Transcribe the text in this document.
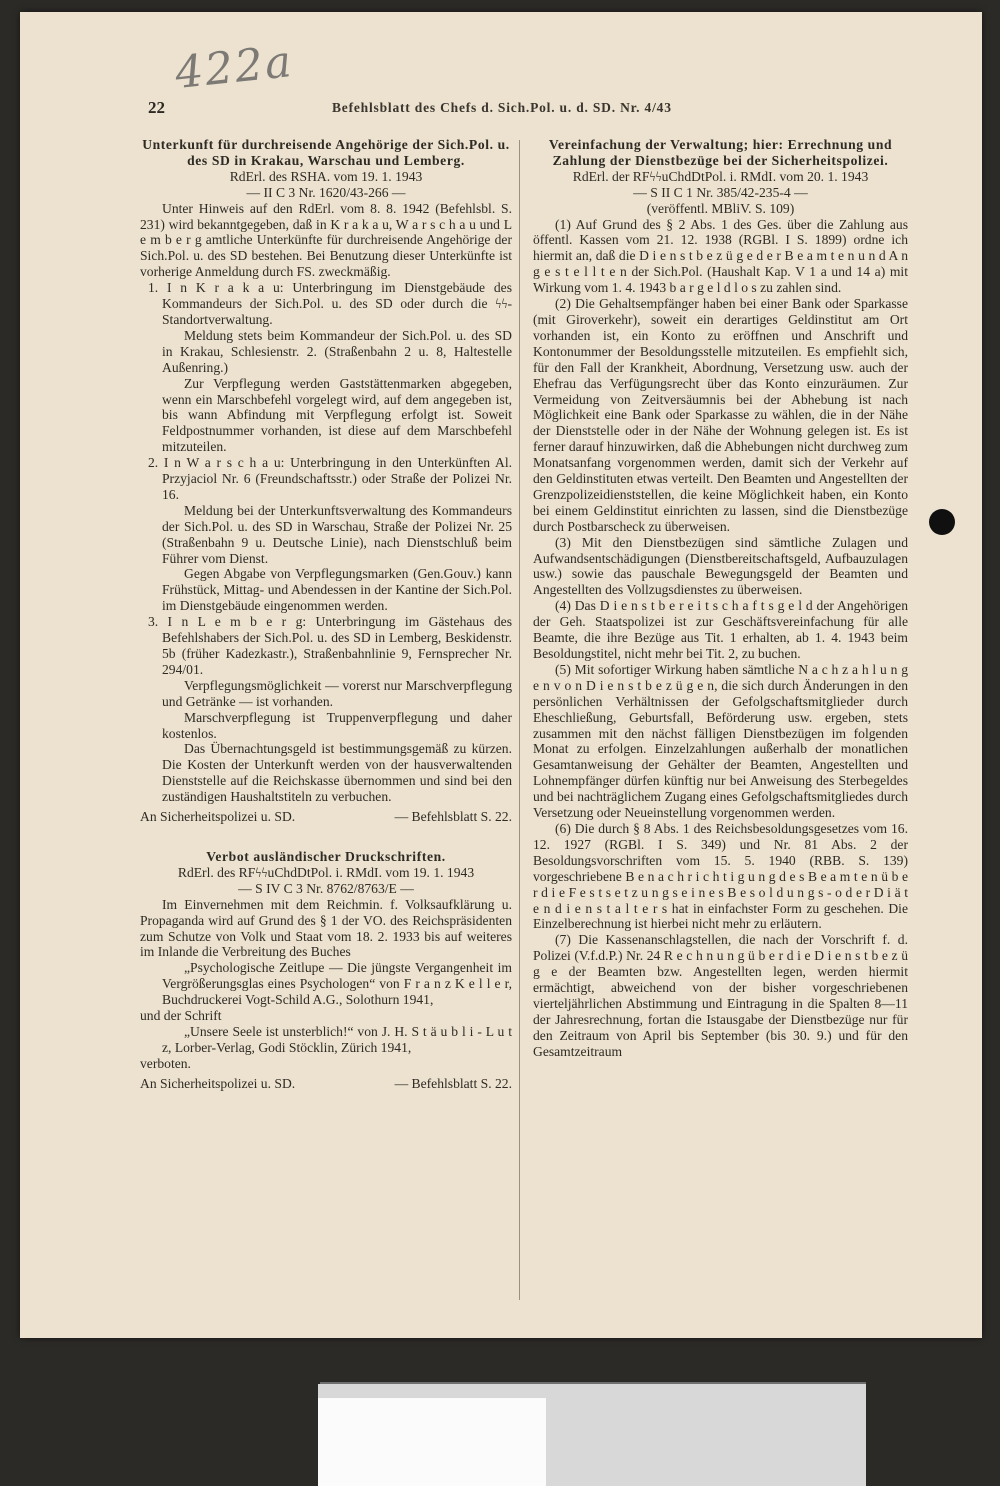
422a
22	Befehlsblatt des Chefs d. Sich.Pol. u. d. SD. Nr. 4/43
Unterkunft für durchreisende Angehörige der Sich.Pol. u. des SD in Krakau, Warschau und Lemberg.
RdErl. des RSHA. vom 19. 1. 1943
— II C 3 Nr. 1620/43-266 —

Unter Hinweis auf den RdErl. vom 8. 8. 1942 (Befehlsbl. S. 231) wird bekanntgegeben, daß in K r a k a u, W a r s c h a u und L e m b e r g amtliche Unterkünfte für durchreisende Angehörige der Sich.Pol. u. des SD bestehen. Bei Benutzung dieser Unterkünfte ist vorherige Anmeldung durch FS. zweckmäßig.

1. I n K r a k a u: Unterbringung im Dienstgebäude des Kommandeurs der Sich.Pol. u. des SD oder durch die ϟϟ-Standortverwaltung.

Meldung stets beim Kommandeur der Sich.Pol. u. des SD in Krakau, Schlesienstr. 2. (Straßenbahn 2 u. 8, Haltestelle Außenring.)

Zur Verpflegung werden Gaststättenmarken abgegeben, wenn ein Marschbefehl vorgelegt wird, auf dem angegeben ist, bis wann Abfindung mit Verpflegung erfolgt ist. Soweit Feldpostnummer vorhanden, ist diese auf dem Marschbefehl mitzuteilen.

2. I n W a r s c h a u: Unterbringung in den Unterkünften Al. Przyjaciol Nr. 6 (Freundschaftsstr.) oder Straße der Polizei Nr. 16.

Meldung bei der Unterkunftsverwaltung des Kommandeurs der Sich.Pol. u. des SD in Warschau, Straße der Polizei Nr. 25 (Straßenbahn 9 u. Deutsche Linie), nach Dienstschluß beim Führer vom Dienst.

Gegen Abgabe von Verpflegungsmarken (Gen.Gouv.) kann Frühstück, Mittag- und Abendessen in der Kantine der Sich.Pol. im Dienstgebäude eingenommen werden.

3. I n L e m b e r g: Unterbringung im Gästehaus des Befehlshabers der Sich.Pol. u. des SD in Lemberg, Beskidenstr. 5b (früher Kadezkastr.), Straßenbahnlinie 9, Fernsprecher Nr. 294/01.

Verpflegungsmöglichkeit — vorerst nur Marschverpflegung und Getränke — ist vorhanden.

Marschverpflegung ist Truppenverpflegung und daher kostenlos.

Das Übernachtungsgeld ist bestimmungsgemäß zu kürzen. Die Kosten der Unterkunft werden von der hausverwaltenden Dienststelle auf die Reichskasse übernommen und sind bei den zuständigen Haushaltstiteln zu verbuchen.

An Sicherheitspolizei u. SD.	— Befehlsblatt S. 22.
Verbot ausländischer Druckschriften.
RdErl. des RFϟϟuChdDtPol. i. RMdI. vom 19. 1. 1943
— S IV C 3 Nr. 8762/8763/E —

Im Einvernehmen mit dem Reichmin. f. Volksaufklärung u. Propaganda wird auf Grund des § 1 der VO. des Reichspräsidenten zum Schutze von Volk und Staat vom 18. 2. 1933 bis auf weiteres im Inlande die Verbreitung des Buches

„Psychologische Zeitlupe — Die jüngste Vergangenheit im Vergrößerungsglas eines Psychologen“ von F r a n z K e l l e r, Buchdruckerei Vogt-Schild A.G., Solothurn 1941,

und der Schrift

„Unsere Seele ist unsterblich!“ von J. H. S t ä u b l i - L u t z, Lorber-Verlag, Godi Stöcklin, Zürich 1941,

verboten.
An Sicherheitspolizei u. SD.	— Befehlsblatt S. 22.
Vereinfachung der Verwaltung; hier: Errechnung und Zahlung der Dienstbezüge bei der Sicherheitspolizei.
RdErl. der RFϟϟuChdDtPol. i. RMdI. vom 20. 1. 1943
— S II C 1 Nr. 385/42-235-4 —
(veröffentl. MBliV. S. 109)

(1) Auf Grund des § 2 Abs. 1 des Ges. über die Zahlung aus öffentl. Kassen vom 21. 12. 1938 (RGBl. I S. 1899) ordne ich hiermit an, daß die D i e n s t b e z ü g e d e r B e a m t e n u n d A n g e s t e l l t e n der Sich.Pol. (Haushalt Kap. V 1 a und 14 a) mit Wirkung vom 1. 4. 1943 b a r g e l d l o s zu zahlen sind.

(2) Die Gehaltsempfänger haben bei einer Bank oder Sparkasse (mit Giroverkehr), soweit ein derartiges Geldinstitut am Ort vorhanden ist, ein Konto zu eröffnen und Anschrift und Kontonummer der Besoldungsstelle mitzuteilen. Es empfiehlt sich, für den Fall der Krankheit, Abordnung, Versetzung usw. auch der Ehefrau das Verfügungsrecht über das Konto einzuräumen. Zur Vermeidung von Zeitversäumnis bei der Abhebung ist nach Möglichkeit eine Bank oder Sparkasse zu wählen, die in der Nähe der Dienststelle oder in der Nähe der Wohnung gelegen ist. Es ist ferner darauf hinzuwirken, daß die Abhebungen nicht durchweg zum Monatsanfang vorgenommen werden, damit sich der Verkehr auf den Geldinstituten etwas verteilt. Den Beamten und Angestellten der Grenzpolizeidienststellen, die keine Möglichkeit haben, ein Konto bei einem Geldinstitut einrichten zu lassen, sind die Dienstbezüge durch Postbarscheck zu überweisen.

(3) Mit den Dienstbezügen sind sämtliche Zulagen und Aufwandsentschädigungen (Dienstbereitschaftsgeld, Aufbauzulagen usw.) sowie das pauschale Bewegungsgeld der Beamten und Angestellten des Vollzugsdienstes zu überweisen.

(4) Das D i e n s t b e r e i t s c h a f t s g e l d der Angehörigen der Geh. Staatspolizei ist zur Geschäftsvereinfachung für alle Beamte, die ihre Bezüge aus Tit. 1 erhalten, ab 1. 4. 1943 beim Besoldungstitel, nicht mehr bei Tit. 2, zu buchen.

(5) Mit sofortiger Wirkung haben sämtliche N a c h z a h l u n g e n v o n D i e n s t b e z ü g e n, die sich durch Änderungen in den persönlichen Verhältnissen der Gefolgschaftsmitglieder durch Eheschließung, Geburtsfall, Beförderung usw. ergeben, stets zusammen mit den nächst fälligen Dienstbezügen im folgenden Monat zu erfolgen. Einzelzahlungen außerhalb der monatlichen Gesamtanweisung der Gehälter der Beamten, Angestellten und Lohnempfänger dürfen künftig nur bei Anweisung des Sterbegeldes und bei nachträglichem Zugang eines Gefolgschaftsmitgliedes durch Versetzung oder Neueinstellung vorgenommen werden.

(6) Die durch § 8 Abs. 1 des Reichsbesoldungsgesetzes vom 16. 12. 1927 (RGBl. I S. 349) und Nr. 81 Abs. 2 der Besoldungsvorschriften vom 15. 5. 1940 (RBB. S. 139) vorgeschriebene B e n a c h r i c h t i g u n g d e s B e a m t e n ü b e r d i e F e s t s e t z u n g s e i n e s B e s o l d u n g s - o d e r D i ä t e n d i e n s t a l t e r s hat in einfachster Form zu geschehen. Die Einzelberechnung ist hierbei nicht mehr zu erläutern.

(7) Die Kassenanschlagstellen, die nach der Vorschrift f. d. Polizei (V.f.d.P.) Nr. 24 R e c h n u n g ü b e r d i e D i e n s t b e z ü g e der Beamten bzw. Angestellten legen, werden hiermit ermächtigt, abweichend von der bisher vorgeschriebenen vierteljährlichen Abstimmung und Eintragung in die Spalten 8—11 der Jahresrechnung, fortan die Istausgabe der Dienstbezüge nur für den Zeitraum von April bis September (bis 30. 9.) und für den Gesamtzeitraum
